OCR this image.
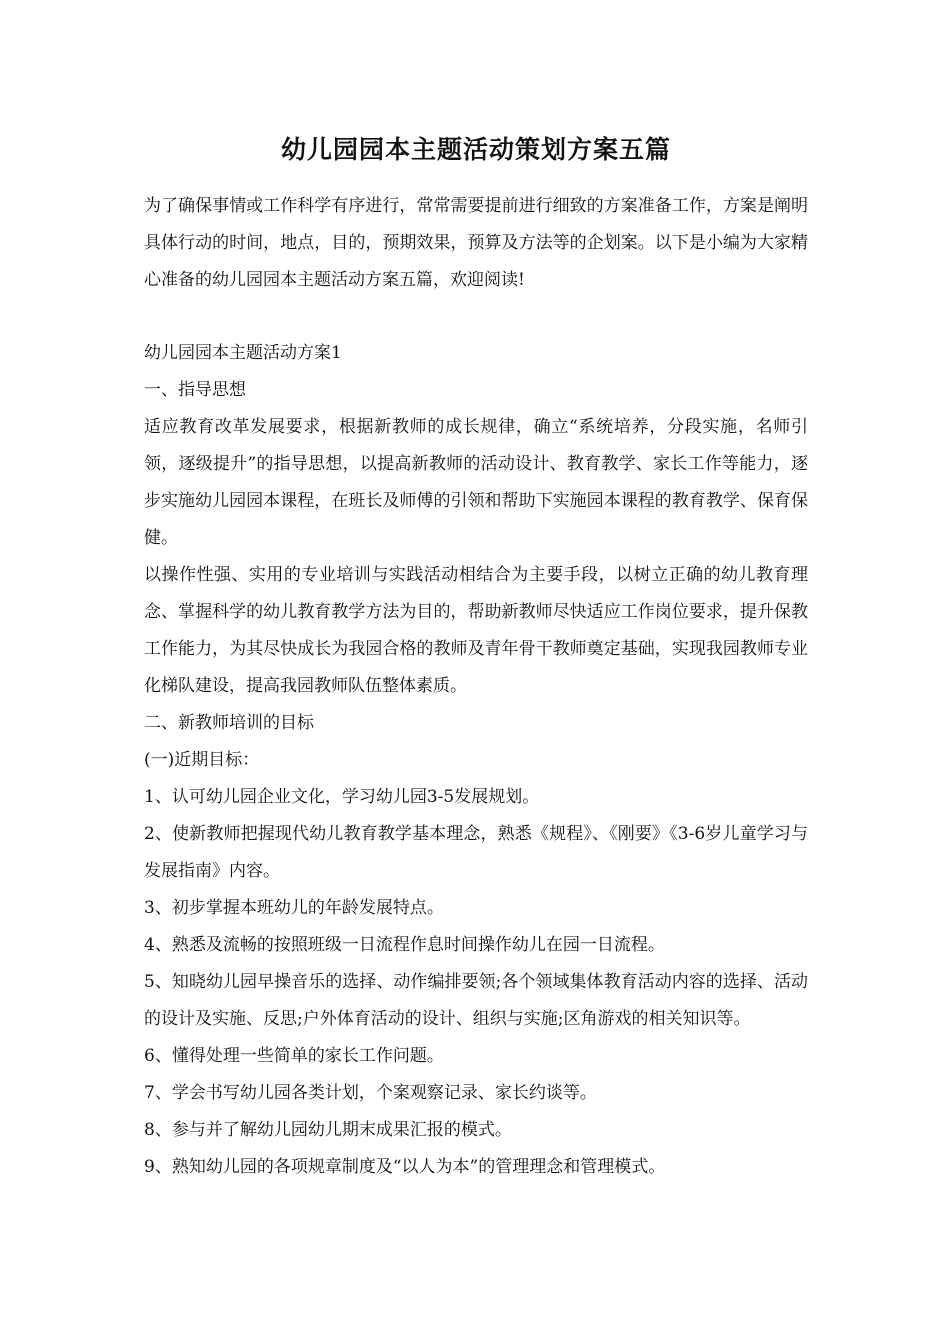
幼儿园园本主题活动策划方案五篇

为了确保事情或工作科学有序进行，常常需要提前进行细致的方案准备工作，方案是阐明具体行动的时间，地点，目的，预期效果，预算及方法等的企划案。以下是小编为大家精心准备的幼儿园园本主题活动方案五篇，欢迎阅读!

幼儿园园本主题活动方案1

一、指导思想

适应教育改革发展要求，根据新教师的成长规律，确立“系统培养，分段实施，名师引领，逐级提升”的指导思想，以提高新教师的活动设计、教育教学、家长工作等能力，逐步实施幼儿园园本课程，在班长及师傅的引领和帮助下实施园本课程的教育教学、保育保健。

以操作性强、实用的专业培训与实践活动相结合为主要手段，以树立正确的幼儿教育理念、掌握科学的幼儿教育教学方法为目的，帮助新教师尽快适应工作岗位要求，提升保教工作能力，为其尽快成长为我园合格的教师及青年骨干教师奠定基础，实现我园教师专业化梯队建设，提高我园教师队伍整体素质。

二、新教师培训的目标

(一)近期目标：

1、认可幼儿园企业文化，学习幼儿园3-5发展规划。

2、使新教师把握现代幼儿教育教学基本理念，熟悉《规程》、《刚要》《3-6岁儿童学习与发展指南》内容。

3、初步掌握本班幼儿的年龄发展特点。

4、熟悉及流畅的按照班级一日流程作息时间操作幼儿在园一日流程。

5、知晓幼儿园早操音乐的选择、动作编排要领;各个领域集体教育活动内容的选择、活动的设计及实施、反思;户外体育活动的设计、组织与实施;区角游戏的相关知识等。

6、懂得处理一些简单的家长工作问题。

7、学会书写幼儿园各类计划，个案观察记录、家长约谈等。

8、参与并了解幼儿园幼儿期末成果汇报的模式。

9、熟知幼儿园的各项规章制度及“以人为本”的管理理念和管理模式。
